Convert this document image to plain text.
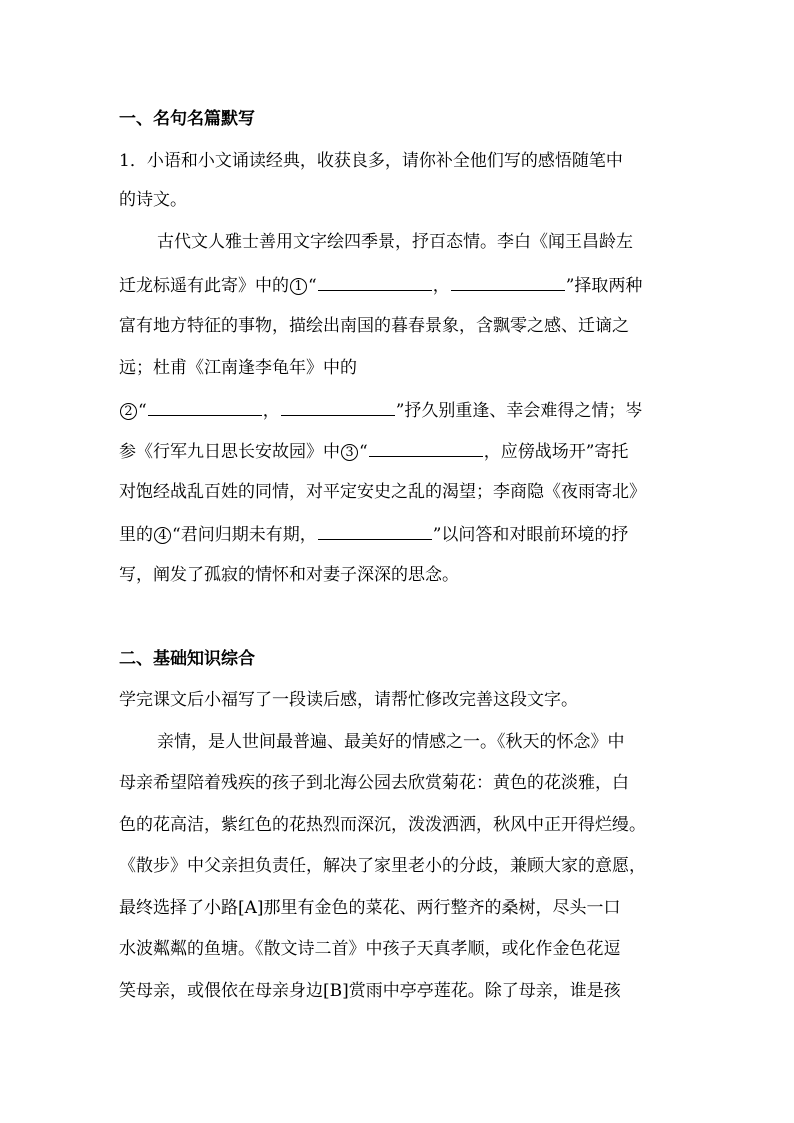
一、名句名篇默写
1．小语和小文诵读经典，收获良多，请你补全他们写的感悟随笔中
的诗文。
古代文人雅士善用文字绘四季景，抒百态情。李白《闻王昌龄左
迁龙标遥有此寄》中的 1 “	，	”择取两种
富有地方特征的事物，描绘出南国的暮春景象，含飘零之感、迁谪之
远；杜甫《江南逢李龟年》中的
2 “	，	”抒久别重逢、幸会难得之情；岑
参《行军九日思长安故园》中 3 “	，应傍战场开”寄托
对饱经战乱百姓的同情，对平定安史之乱的渴望；李商隐《夜雨寄北》
里的 4 “君问归期未有期，	”以问答和对眼前环境的抒
写，阐发了孤寂的情怀和对妻子深深的思念。
二、基础知识综合
学完课文后小福写了一段读后感，请帮忙修改完善这段文字。
亲情，是人世间最普遍、最美好的情感之一。《秋天的怀念》中
母亲希望陪着残疾的孩子到北海公园去欣赏菊花：黄色的花淡雅，白
色的花高洁，紫红色的花热烈而深沉，泼泼洒洒，秋风中正开得烂缦。
《散步》中父亲担负责任，解决了家里老小的分歧，兼顾大家的意愿，
最终选择了小路[A]那里有金色的菜花、两行整齐的桑树，尽头一口
水波粼粼的鱼塘。《散文诗二首》中孩子天真孝顺，或化作金色花逗
笑母亲，或偎依在母亲身边[B]赏雨中亭亭莲花。除了母亲，谁是孩
